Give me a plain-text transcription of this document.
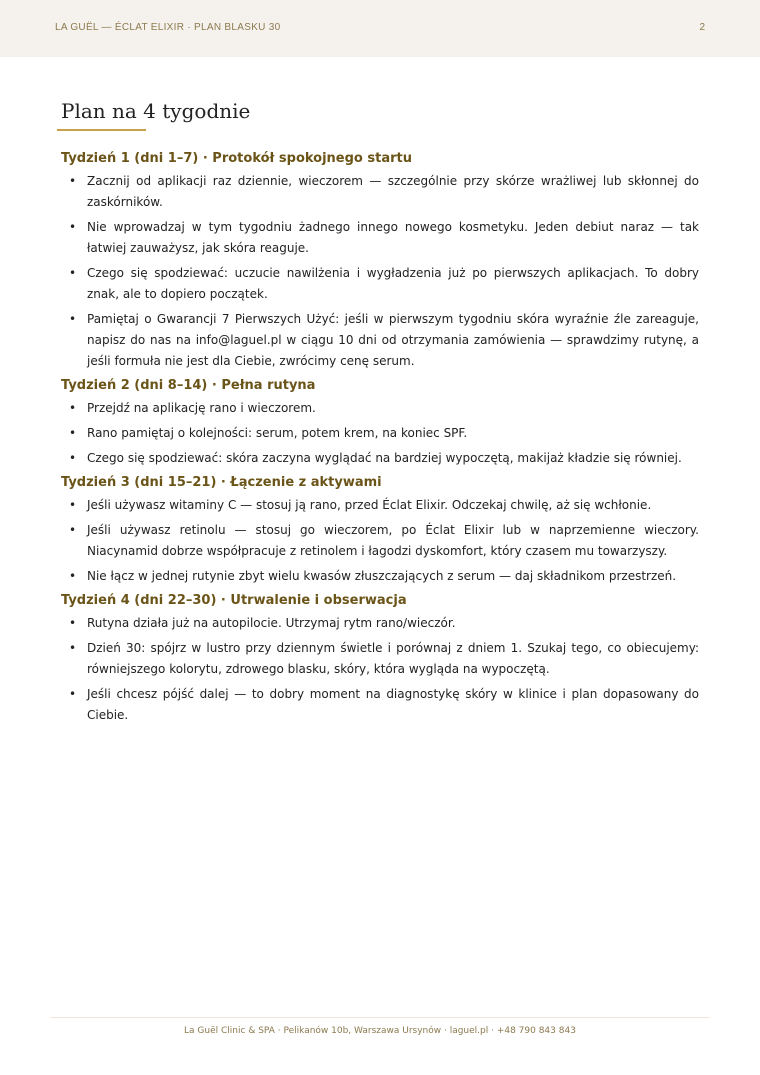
LA GUËL — ÉCLAT ELIXIR · PLAN BLASKU 30	2
Plan na 4 tygodnie
Tydzień 1 (dni 1–7) · Protokół spokojnego startu
• Zacznij od aplikacji raz dziennie, wieczorem — szczególnie przy skórze wrażliwej lub skłonnej do zaskórników.
• Nie wprowadzaj w tym tygodniu żadnego innego nowego kosmetyku. Jeden debiut naraz — tak łatwiej zauważysz, jak skóra reaguje.
• Czego się spodziewać: uczucie nawilżenia i wygładzenia już po pierwszych aplikacjach. To dobry znak, ale to dopiero początek.
• Pamiętaj o Gwarancji 7 Pierwszych Użyć: jeśli w pierwszym tygodniu skóra wyraźnie źle zareaguje, napisz do nas na info@laguel.pl w ciągu 10 dni od otrzymania zamówienia — sprawdzimy rutynę, a jeśli formuła nie jest dla Ciebie, zwrócimy cenę serum.
Tydzień 2 (dni 8–14) · Pełna rutyna
• Przejdź na aplikację rano i wieczorem.
• Rano pamiętaj o kolejności: serum, potem krem, na koniec SPF.
• Czego się spodziewać: skóra zaczyna wyglądać na bardziej wypoczętą, makijaż kładzie się równiej.
Tydzień 3 (dni 15–21) · Łączenie z aktywami
• Jeśli używasz witaminy C — stosuj ją rano, przed Éclat Elixir. Odczekaj chwilę, aż się wchłonie.
• Jeśli używasz retinolu — stosuj go wieczorem, po Éclat Elixir lub w naprzemienne wieczory. Niacynamid dobrze współpracuje z retinolem i łagodzi dyskomfort, który czasem mu towarzyszy.
• Nie łącz w jednej rutynie zbyt wielu kwasów złuszczających z serum — daj składnikom przestrzeń.
Tydzień 4 (dni 22–30) · Utrwalenie i obserwacja
• Rutyna działa już na autopilocie. Utrzymaj rytm rano/wieczór.
• Dzień 30: spójrz w lustro przy dziennym świetle i porównaj z dniem 1. Szukaj tego, co obiecujemy: równiejszego kolorytu, zdrowego blasku, skóry, która wygląda na wypoczętą.
• Jeśli chcesz pójść dalej — to dobry moment na diagnostykę skóry w klinice i plan dopasowany do Ciebie.
La Guël Clinic & SPA · Pelikanów 10b, Warszawa Ursynów · laguel.pl · +48 790 843 843
